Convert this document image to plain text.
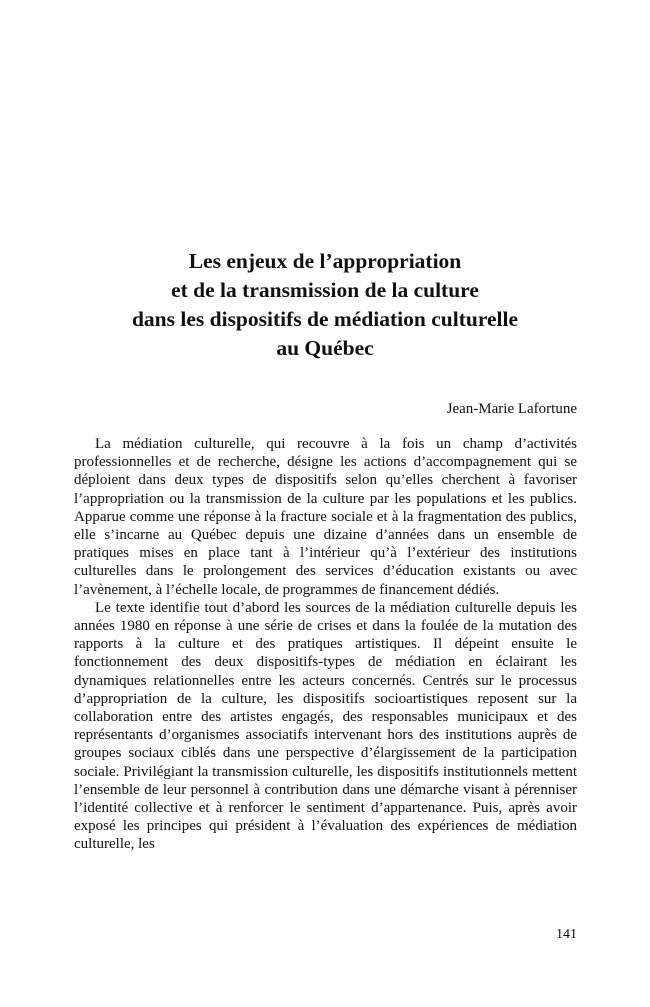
Les enjeux de l’appropriation
et de la transmission de la culture
dans les dispositifs de médiation culturelle
au Québec

Jean-Marie Lafortune

La médiation culturelle, qui recouvre à la fois un champ d’activités professionnelles et de recherche, désigne les actions d’accompagnement qui se déploient dans deux types de dispositifs selon qu’elles cherchent à favoriser l’appropriation ou la transmission de la culture par les populations et les publics. Apparue comme une réponse à la fracture sociale et à la fragmentation des publics, elle s’incarne au Québec depuis une dizaine d’années dans un ensemble de pratiques mises en place tant à l’intérieur qu’à l’extérieur des institutions culturelles dans le prolongement des services d’éducation existants ou avec l’avènement, à l’échelle locale, de programmes de financement dédiés.

Le texte identifie tout d’abord les sources de la médiation culturelle depuis les années 1980 en réponse à une série de crises et dans la foulée de la mutation des rapports à la culture et des pratiques artistiques. Il dépeint ensuite le fonctionnement des deux dispositifs-types de médiation en éclairant les dynamiques relationnelles entre les acteurs concernés. Centrés sur le processus d’appropriation de la culture, les dispositifs socioartistiques reposent sur la collaboration entre des artistes engagés, des responsables municipaux et des représentants d’organismes associatifs intervenant hors des institutions auprès de groupes sociaux ciblés dans une perspective d’élargissement de la participation sociale. Privilégiant la transmission culturelle, les dispositifs institutionnels mettent l’ensemble de leur personnel à contribution dans une démarche visant à pérenniser l’identité collective et à renforcer le sentiment d’appartenance. Puis, après avoir exposé les principes qui président à l’évaluation des expériences de médiation culturelle, les

141
